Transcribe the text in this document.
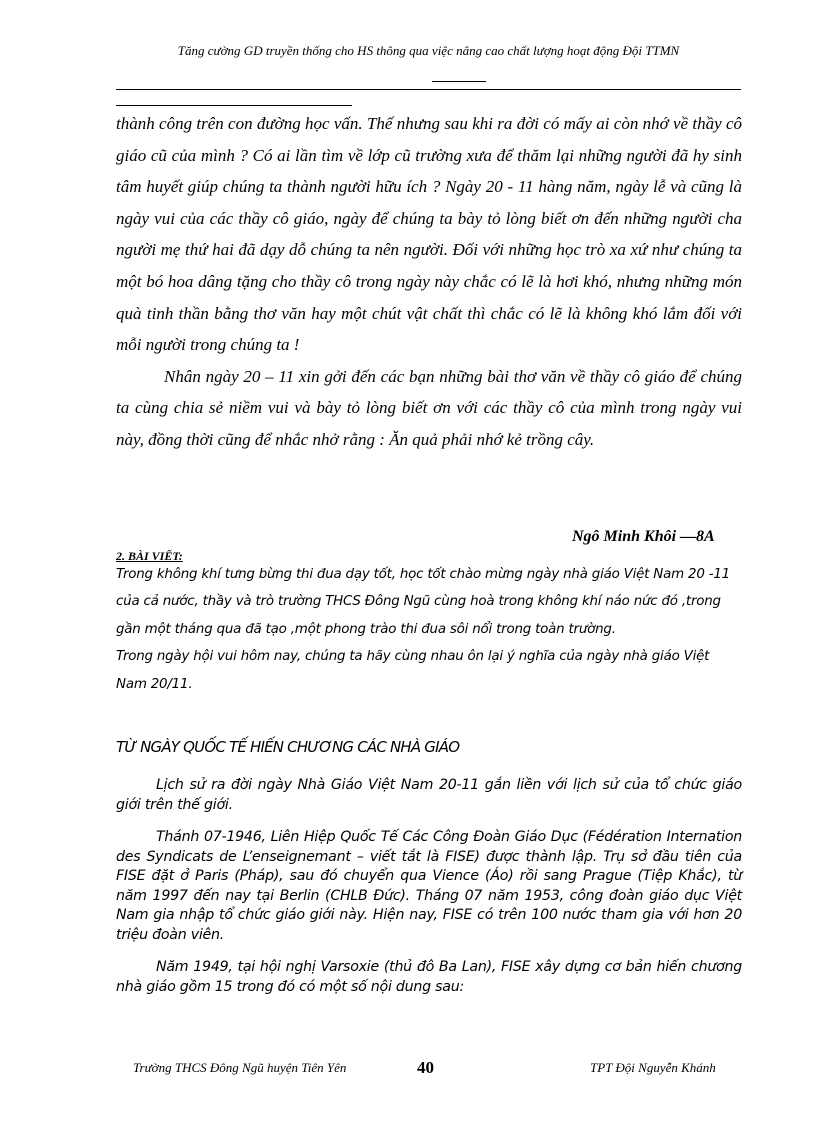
Tăng cường GD truyền thống cho HS thông qua việc nâng cao chất lượng hoạt động Đội TTMN

thành công trên con đường học vấn. Thế nhưng sau khi ra đời có mấy ai còn nhớ về thầy cô giáo cũ của mình ? Có ai lần tìm về lớp cũ trường xưa để thăm lại những người đã hy sinh tâm huyết giúp chúng ta thành người hữu ích ? Ngày 20 - 11 hàng năm, ngày lễ và cũng là ngày vui của các thầy cô giáo, ngày để chúng ta bày tỏ lòng biết ơn đến những người cha người mẹ thứ hai đã dạy dỗ chúng ta nên người. Đối với những học trò xa xứ như chúng ta một bó hoa dâng tặng cho thầy cô trong ngày này chắc có lẽ là hơi khó, nhưng những món quà tinh thần bằng thơ văn hay một chút vật chất thì chắc có lẽ là không khó lắm đối với mỗi người trong chúng ta !

Nhân ngày 20 – 11 xin gởi đến các bạn những bài thơ văn về thầy cô giáo để chúng ta cùng chia sẻ niềm vui và bày tỏ lòng biết ơn với các thầy cô của mình trong ngày vui này, đồng thời cũng để nhắc nhở rằng : Ăn quả phải nhớ kẻ trồng cây.

Ngô Minh Khôi —8A
2. BÀI VIẾT:

Trong không khí tưng bừng thi đua dạy tốt, học tốt chào mừng ngày nhà giáo Việt Nam 20 -11 của cả nước, thầy và trò trường THCS Đông Ngũ cùng hoà trong không khí náo nức đó ,trong gần một tháng qua đã tạo ,một phong trào thi đua sôi nổi trong toàn trường.

Trong ngày hội vui hôm nay, chúng ta hãy cùng nhau ôn lại ý nghĩa của ngày nhà giáo Việt Nam 20/11.

TỪ NGÀY QUỐC TẾ HIẾN CHƯƠNG CÁC NHÀ GIÁO

Lịch sử ra đời ngày Nhà Giáo Việt Nam 20-11 gắn liền với lịch sử của tổ chức giáo giới trên thế giới.

Thánh 07-1946, Liên Hiệp Quốc Tế Các Công Đoàn Giáo Dục (Fédération Internation des Syndicats de L’enseignemant – viết tắt là FISE) được thành lập. Trụ sở đầu tiên của FISE đặt ở Paris (Pháp), sau đó chuyển qua Vience (Áo) rồi sang Prague (Tiệp Khắc), từ năm 1997 đến nay tại Berlin (CHLB Đức). Tháng 07 năm 1953, công đoàn giáo dục Việt Nam gia nhập tổ chức giáo giới này. Hiện nay, FISE có trên 100 nước tham gia với hơn 20 triệu đoàn viên.

Năm 1949, tại hội nghị Varsoxie (thủ đô Ba Lan), FISE xây dựng cơ bản hiến chương nhà giáo gồm 15 trong đó có một số nội dung sau:

Trường THCS Đông Ngũ huyện Tiên Yên	40	TPT Đội Nguyễn Khánh
